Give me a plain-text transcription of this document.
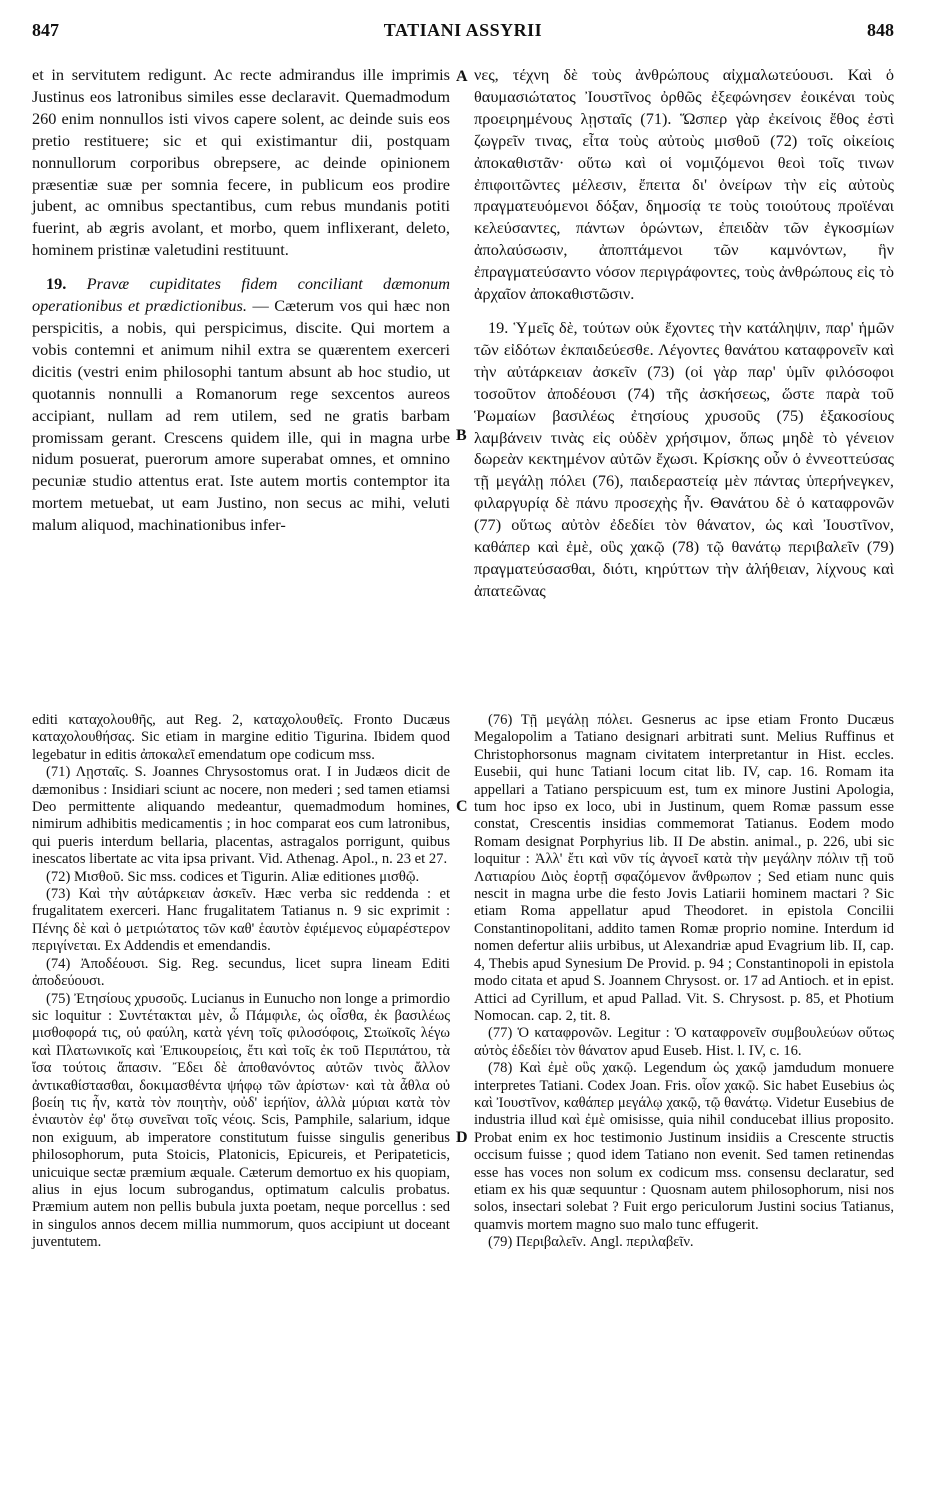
847	TATIANI ASSYRII	848
A
B
C
D

et in servitutem redigunt. Ac recte admirandus ille imprimis Justinus eos latronibus similes esse declaravit. Quemadmodum 260 enim nonnullos isti vivos capere solent, ac deinde suis eos pretio restituere; sic et qui existimantur dii, postquam nonnullorum corporibus obrepsere, ac deinde opinionem præsentiæ suæ per somnia fecere, in publicum eos prodire jubent, ac omnibus spectantibus, cum rebus mundanis potiti fuerint, ab ægris avolant, et morbo, quem inflixerant, deleto, hominem pristinæ valetudini restituunt.

19. Pravæ cupiditates fidem conciliant dæmonum operationibus et prædictionibus. — Cæterum vos qui hæc non perspicitis, a nobis, qui perspicimus, discite. Qui mortem a vobis contemni et animum nihil extra se quærentem exerceri dicitis (vestri enim philosophi tantum absunt ab hoc studio, ut quotannis nonnulli a Romanorum rege sexcentos aureos accipiant, nullam ad rem utilem, sed ne gratis barbam promissam gerant. Crescens quidem ille, qui in magna urbe nidum posuerat, puerorum amore superabat omnes, et omnino pecuniæ studio attentus erat. Iste autem mortis contemptor ita mortem metuebat, ut eam Justino, non secus ac mihi, veluti malum aliquod, machinationibus infer-

νες, τέχνη δὲ τοὺς ἀνθρώπους αἰχμαλωτεύουσι. Καὶ ὁ θαυμασιώτατος Ἰουστῖνος ὀρθῶς ἐξεφώνησεν ἐοικέναι τοὺς προειρημένους λῃσταῖς (71). Ὥσπερ γὰρ ἐκείνοις ἔθος ἐστὶ ζωγρεῖν τινας, εἶτα τοὺς αὐτοὺς μισθοῦ (72) τοῖς οἰκείοις ἀποκαθιστᾶν· οὕτω καὶ οἱ νομιζόμενοι θεοὶ τοῖς τινων ἐπιφοιτῶντες μέλεσιν, ἔπειτα δι' ὀνείρων τὴν εἰς αὐτοὺς πραγματευόμενοι δόξαν, δημοσίᾳ τε τοὺς τοιούτους προϊέναι κελεύσαντες, πάντων ὁρώντων, ἐπειδὰν τῶν ἐγκοσμίων ἀπολαύσωσιν, ἀποπτάμενοι τῶν καμνόντων, ἣν ἐπραγματεύσαντο νόσον περιγράφοντες, τοὺς ἀνθρώπους εἰς τὸ ἀρχαῖον ἀποκαθιστῶσιν.

19. Ὑμεῖς δὲ, τούτων οὐκ ἔχοντες τὴν κατάληψιν, παρ' ἡμῶν τῶν εἰδότων ἐκπαιδεύεσθε. Λέγοντες θανάτου καταφρονεῖν καὶ τὴν αὐτάρκειαν ἀσκεῖν (73) (οἱ γὰρ παρ' ὑμῖν φιλόσοφοι τοσοῦτον ἀποδέουσι (74) τῆς ἀσκήσεως, ὥστε παρὰ τοῦ Ῥωμαίων βασιλέως ἐτησίους χρυσοῦς (75) ἑξακοσίους λαμβάνειν τινὰς εἰς οὐδὲν χρήσιμον, ὅπως μηδὲ τὸ γένειον δωρεὰν κεκτημένον αὐτῶν ἔχωσι. Κρίσκης οὖν ὁ ἐννεοττεύσας τῇ μεγάλῃ πόλει (76), παιδεραστείᾳ μὲν πάντας ὑπερήνεγκεν, φιλαργυρίᾳ δὲ πάνυ προσεχὴς ἦν. Θανάτου δὲ ὁ καταφρονῶν (77) οὕτως αὐτὸν ἐδεδίει τὸν θάνατον, ὡς καὶ Ἰουστῖνον, καθάπερ καὶ ἐμὲ, οὓς χακῷ (78) τῷ θανάτῳ περιβαλεῖν (79) πραγματεύσασθαι, διότι, κηρύττων τὴν ἀλήθειαν, λίχνους καὶ ἀπατεῶνας

editi καταχολουθῆς, aut Reg. 2, καταχολουθεῖς. Fronto Ducæus καταχολουθήσας. Sic etiam in margine editio Tigurina. Ibidem quod legebatur in editis ἀποκαλεῖ emendatum ope codicum mss.

(71) Λῃσταῖς. S. Joannes Chrysostomus orat. I in Judæos dicit de dæmonibus : Insidiari sciunt ac nocere, non mederi ; sed tamen etiamsi Deo permittente aliquando medeantur, quemadmodum homines, nimirum adhibitis medicamentis ; in hoc comparat eos cum latronibus, qui pueris interdum bellaria, placentas, astragalos porrigunt, quibus inescatos libertate ac vita ipsa privant. Vid. Athenag. Apol., n. 23 et 27.

(72) Μισθοῦ. Sic mss. codices et Tigurin. Aliæ editiones μισθῷ.

(73) Καὶ τὴν αὐτάρκειαν ἀσκεῖν. Hæc verba sic reddenda : et frugalitatem exerceri. Hanc frugalitatem Tatianus n. 9 sic exprimit : Πένης δὲ καὶ ὁ μετριώτατος τῶν καθ' ἑαυτὸν ἐφιέμενος εὐμαρέστερον περιγίνεται. Ex Addendis et emendandis.

(74) Ἀποδέουσι. Sig. Reg. secundus, licet supra lineam Editi ἀποδεύουσι.

(75) Ἐτησίους χρυσοῦς. Lucianus in Eunucho non longe a primordio sic loquitur : Συντέτακται μὲν, ὦ Πάμφιλε, ὡς οἶσθα, ἐκ βασιλέως μισθοφορά τις, οὐ φαύλη, κατὰ γένη τοῖς φιλοσόφοις, Στωϊκοῖς λέγω καὶ Πλατωνικοῖς καὶ Ἐπικουρείοις, ἔτι καὶ τοῖς ἐκ τοῦ Περιπάτου, τὰ ἴσα τούτοις ἅπασιν. Ἔδει δὲ ἀποθανόντος αὐτῶν τινὸς ἄλλον ἀντικαθίστασθαι, δοκιμασθέντα ψήφῳ τῶν ἀρίστων· καὶ τὰ ἆθλα οὐ βοείη τις ἦν, κατὰ τὸν ποιητὴν, οὐδ' ἱερήϊον, ἀλλὰ μύριαι κατὰ τὸν ἐνιαυτὸν ἐφ' ὅτῳ συνεῖναι τοῖς νέοις. Scis, Pamphile, salarium, idque non exiguum, ab imperatore constitutum fuisse singulis generibus philosophorum, puta Stoicis, Platonicis, Epicureis, et Peripateticis, unicuique sectæ præmium æquale. Cæterum demortuo ex his quopiam, alius in ejus locum subrogandus, optimatum calculis probatus. Præmium autem non pellis bubula juxta poetam, neque porcellus : sed in singulos annos decem millia nummorum, quos accipiunt ut doceant juventutem.

(76) Τῇ μεγάλῃ πόλει. Gesnerus ac ipse etiam Fronto Ducæus Megalopolim a Tatiano designari arbitrati sunt. Melius Ruffinus et Christophorsonus magnam civitatem interpretantur in Hist. eccles. Eusebii, qui hunc Tatiani locum citat lib. IV, cap. 16. Romam ita appellari a Tatiano perspicuum est, tum ex minore Justini Apologia, tum hoc ipso ex loco, ubi in Justinum, quem Romæ passum esse constat, Crescentis insidias commemorat Tatianus. Eodem modo Romam designat Porphyrius lib. II De abstin. animal., p. 226, ubi sic loquitur : Ἀλλ' ἔτι καὶ νῦν τίς ἀγνοεῖ κατὰ τὴν μεγάλην πόλιν τῇ τοῦ Λατιαρίου Διὸς ἑορτῇ σφαζόμενον ἄνθρωπον ; Sed etiam nunc quis nescit in magna urbe die festo Jovis Latiarii hominem mactari ? Sic etiam Roma appellatur apud Theodoret. in epistola Concilii Constantinopolitani, addito tamen Romæ proprio nomine. Interdum id nomen defertur aliis urbibus, ut Alexandriæ apud Evagrium lib. II, cap. 4, Thebis apud Synesium De Provid. p. 94 ; Constantinopoli in epistola modo citata et apud S. Joannem Chrysost. or. 17 ad Antioch. et in epist. Attici ad Cyrillum, et apud Pallad. Vit. S. Chrysost. p. 85, et Photium Nomocan. cap. 2, tit. 8.

(77) Ὁ καταφρονῶν. Legitur : Ὁ καταφρονεῖν συμβουλεύων οὕτως αὐτὸς ἐδεδίει τὸν θάνατον apud Euseb. Hist. l. IV, c. 16.

(78) Καὶ ἐμὲ οὓς χακῷ. Legendum ὡς χακῷ jamdudum monuere interpretes Tatiani. Codex Joan. Fris. οἷον χακῷ. Sic habet Eusebius ὡς καὶ Ἰουστῖνον, καθάπερ μεγάλῳ χακῷ, τῷ θανάτῳ. Videtur Eusebius de industria illud καὶ ἐμὲ omisisse, quia nihil conducebat illius proposito. Probat enim ex hoc testimonio Justinum insidiis a Crescente structis occisum fuisse ; quod idem Tatiano non evenit. Sed tamen retinendas esse has voces non solum ex codicum mss. consensu declaratur, sed etiam ex his quæ sequuntur : Quosnam autem philosophorum, nisi nos solos, insectari solebat ? Fuit ergo periculorum Justini socius Tatianus, quamvis mortem magno suo malo tunc effugerit.

(79) Περιβαλεῖν. Angl. περιλαβεῖν.
